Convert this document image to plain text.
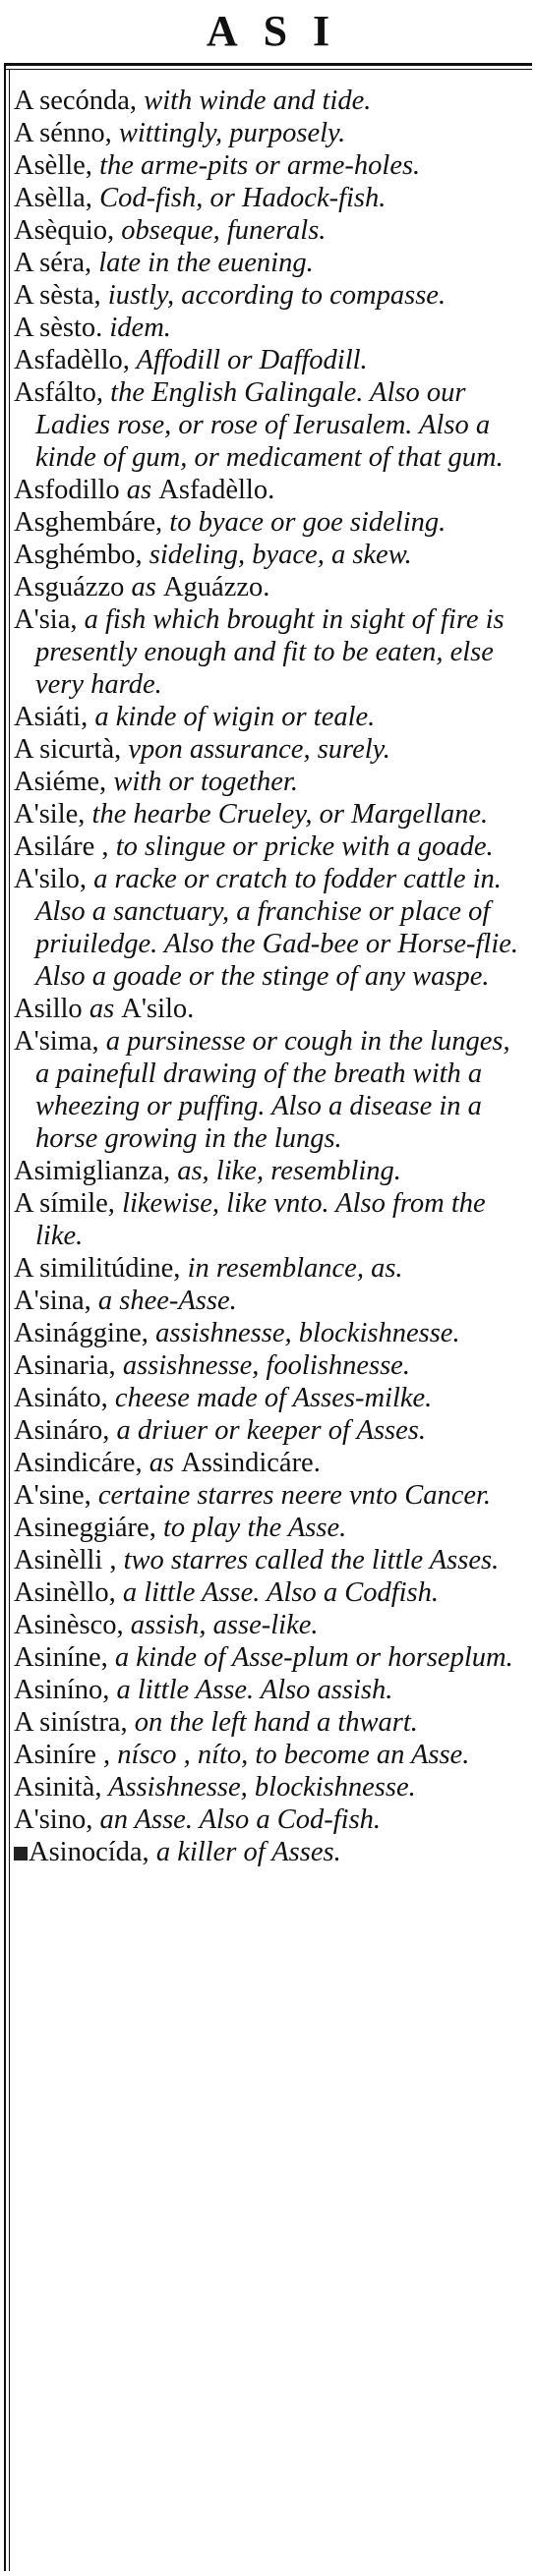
ASI

A secónda, with winde and tide.

A sénno, wittingly, purposely.

Asèlle, the arme-pits or arme-holes.

Asèlla, Cod-fish, or Hadock-fish.

Asèquio, obseque, funerals.

A séra, late in the euening.

A sèsta, iustly, according to compasse.

A sèsto. idem.

Asfadèllo, Affodill or Daffodill.

Asfálto, the English Galingale. Also our Ladies rose, or rose of Ierusalem. Also a kinde of gum, or medicament of that gum.

Asfodillo as Asfadèllo.

Asghembáre, to byace or goe sideling.

Asghémbo, sideling, byace, a skew.

Asguázzo as Aguázzo.

A'sia, a fish which brought in sight of fire is presently enough and fit to be eaten, else very harde.

Asiáti, a kinde of wigin or teale.

A sicurtà, vpon assurance, surely.

Asiéme, with or together.

A'sile, the hearbe Crueley, or Margellane.

Asiláre , to slingue or pricke with a goade.

A'silo, a racke or cratch to fodder cattle in. Also a sanctuary, a franchise or place of priuiledge. Also the Gad-bee or Horse-flie. Also a goade or the stinge of any waspe.

Asillo as A'silo.

A'sima, a pursinesse or cough in the lunges, a painefull drawing of the breath with a wheezing or puffing. Also a disease in a horse growing in the lungs.

Asimiglianza, as, like, resembling.

A símile, likewise, like vnto. Also from the like.

A similitúdine, in resemblance, as.

A'sina, a shee-Asse.

Asinággine, assishnesse, blockishnesse.

Asinaria, assishnesse, foolishnesse.

Asináto, cheese made of Asses-milke.

Asináro, a driuer or keeper of Asses.

Asindicáre, as Assindicáre.

A'sine, certaine starres neere vnto Cancer.

Asineggiáre, to play the Asse.

Asinèlli , two starres called the little Asses.

Asinèllo, a little Asse. Also a Codfish.

Asinèsco, assish, asse-like.

Asiníne, a kinde of Asse-plum or horseplum.

Asiníno, a little Asse. Also assish.

A sinístra, on the left hand a thwart.

Asiníre , nísco , níto, to become an Asse.

Asinità, Assishnesse, blockishnesse.

A'sino, an Asse. Also a Cod-fish.

Asinocída, a killer of Asses.
